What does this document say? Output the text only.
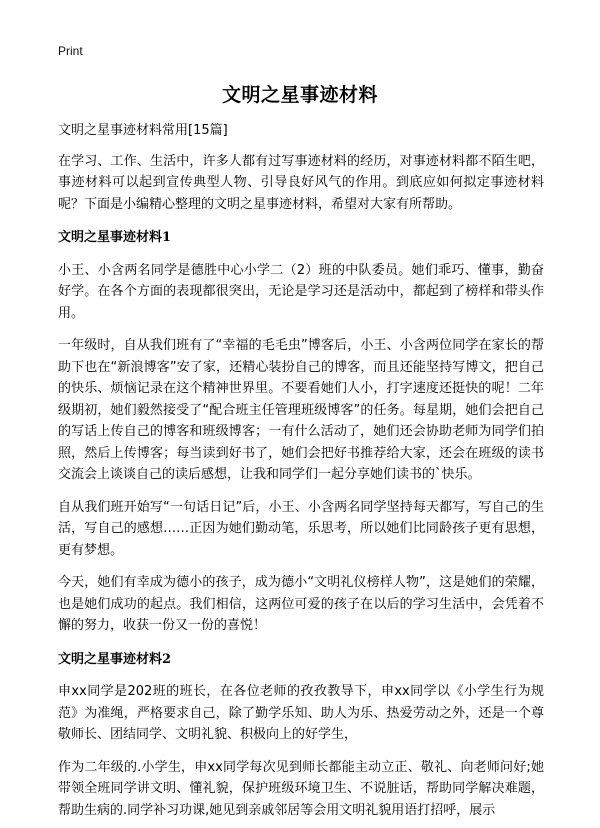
Print
文明之星事迹材料

文明之星事迹材料常用[15篇]

在学习、工作、生活中，许多人都有过写事迹材料的经历，对事迹材料都不陌生吧，事迹材料可以起到宣传典型人物、引导良好风气的作用。到底应如何拟定事迹材料呢？下面是小编精心整理的文明之星事迹材料，希望对大家有所帮助。

文明之星事迹材料1

小王、小含两名同学是德胜中心小学二（2）班的中队委员。她们乖巧、懂事，勤奋好学。在各个方面的表现都很突出，无论是学习还是活动中，都起到了榜样和带头作用。

一年级时，自从我们班有了“幸福的毛毛虫”博客后，小王、小含两位同学在家长的帮助下也在“新浪博客”安了家，还精心装扮自己的博客，而且还能坚持写博文，把自己的快乐、烦恼记录在这个精神世界里。不要看她们人小，打字速度还挺快的呢！二年级期初，她们毅然接受了“配合班主任管理班级博客”的任务。每星期，她们会把自己的写话上传自己的博客和班级博客；一有什么活动了，她们还会协助老师为同学们拍照，然后上传博客；每当读到好书了，她们会把好书推荐给大家，还会在班级的读书交流会上谈谈自己的读后感想，让我和同学们一起分享她们读书的`快乐。

自从我们班开始写“一句话日记”后，小王、小含两名同学坚持每天都写，写自己的生活，写自己的感想……正因为她们勤动笔，乐思考，所以她们比同龄孩子更有思想，更有梦想。

今天，她们有幸成为德小的孩子，成为德小“文明礼仪榜样人物”，这是她们的荣耀，也是她们成功的起点。我们相信，这两位可爱的孩子在以后的学习生活中，会凭着不懈的努力，收获一份又一份的喜悦！

文明之星事迹材料2

申xx同学是202班的班长，在各位老师的孜孜教导下，申xx同学以《小学生行为规范》为准绳，严格要求自己，除了勤学乐知、助人为乐、热爱劳动之外，还是一个尊敬师长、团结同学、文明礼貌、积极向上的好学生，

作为二年级的.小学生，申xx同学每次见到师长都能主动立正、敬礼、向老师问好;她带领全班同学讲文明、懂礼貌，保护班级环境卫生、不说脏话，帮助同学解决难题，帮助生病的.同学补习功课,她见到亲戚邻居等会用文明礼貌用语打招呼，展示
